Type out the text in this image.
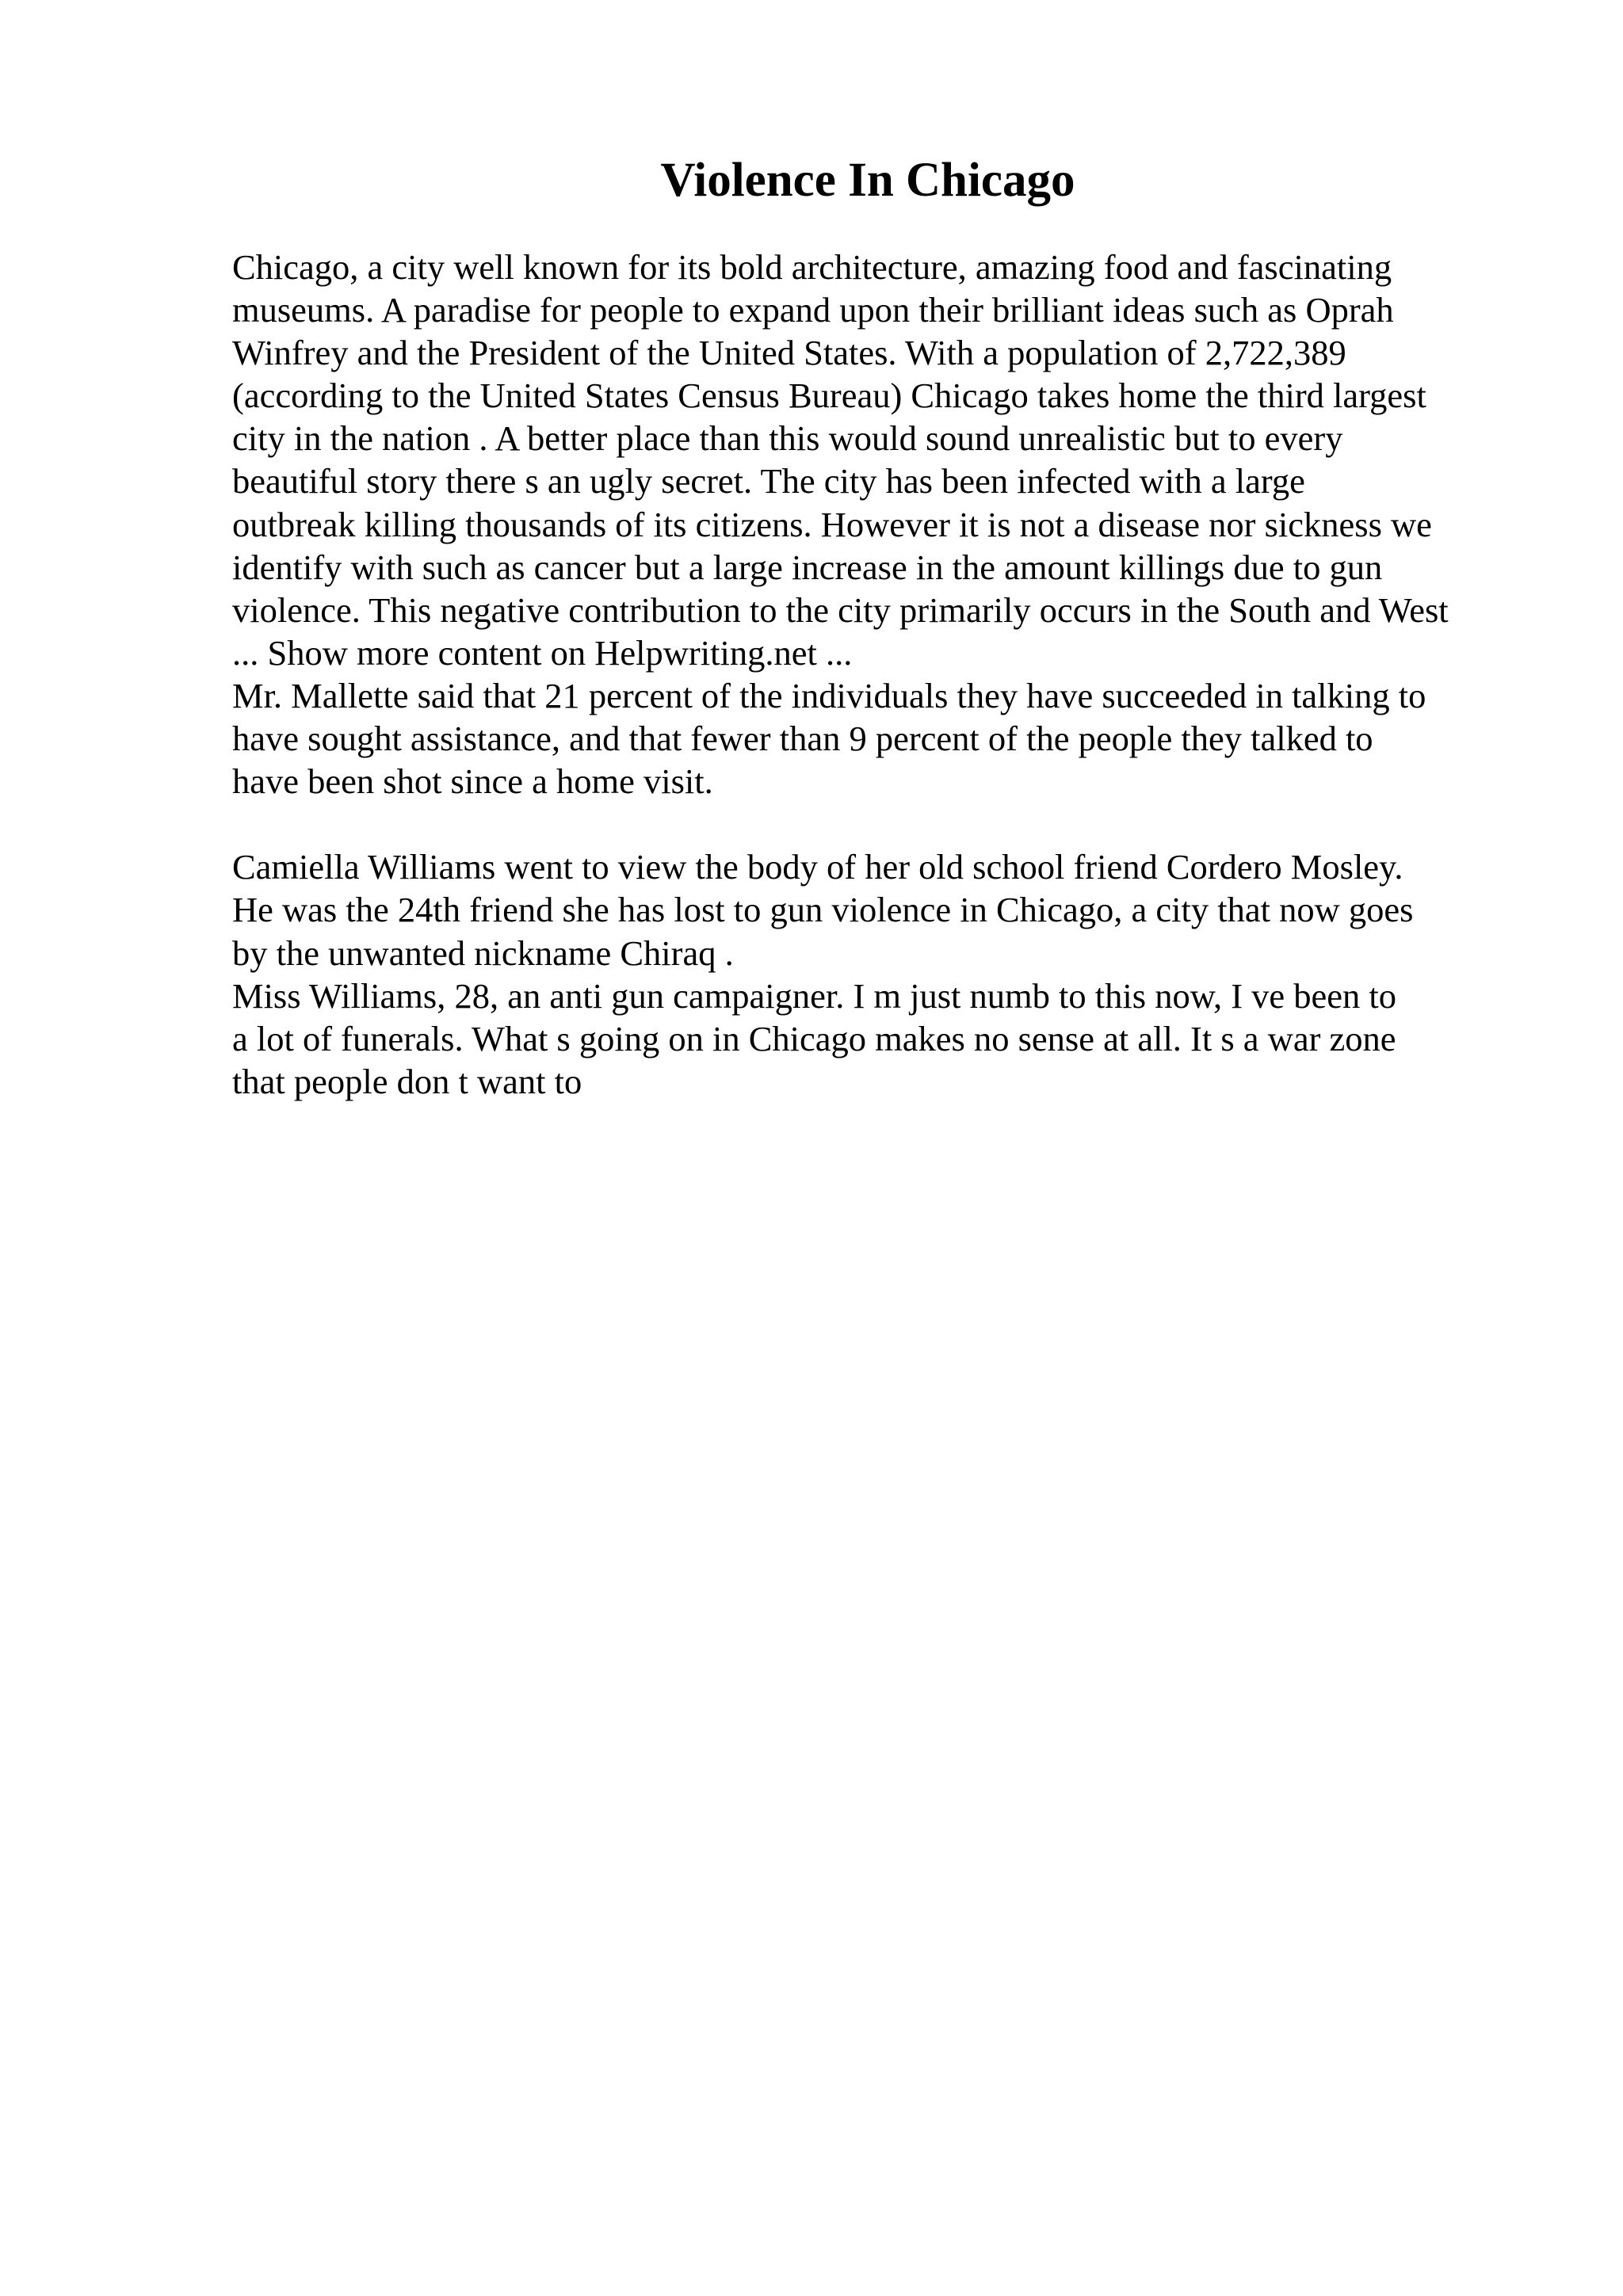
Violence In Chicago
Chicago, a city well known for its bold architecture, amazing food and fascinating
museums. A paradise for people to expand upon their brilliant ideas such as Oprah
Winfrey and the President of the United States. With a population of 2,722,389
(according to the United States Census Bureau) Chicago takes home the third largest
city in the nation . A better place than this would sound unrealistic but to every
beautiful story there s an ugly secret. The city has been infected with a large
outbreak killing thousands of its citizens. However it is not a disease nor sickness we
identify with such as cancer but a large increase in the amount killings due to gun
violence. This negative contribution to the city primarily occurs in the South and West
... Show more content on Helpwriting.net ...
Mr. Mallette said that 21 percent of the individuals they have succeeded in talking to
have sought assistance, and that fewer than 9 percent of the people they talked to
have been shot since a home visit.
Camiella Williams went to view the body of her old school friend Cordero Mosley.
He was the 24th friend she has lost to gun violence in Chicago, a city that now goes
by the unwanted nickname Chiraq .
Miss Williams, 28, an anti gun campaigner. I m just numb to this now, I ve been to
a lot of funerals. What s going on in Chicago makes no sense at all. It s a war zone
that people don t want to
